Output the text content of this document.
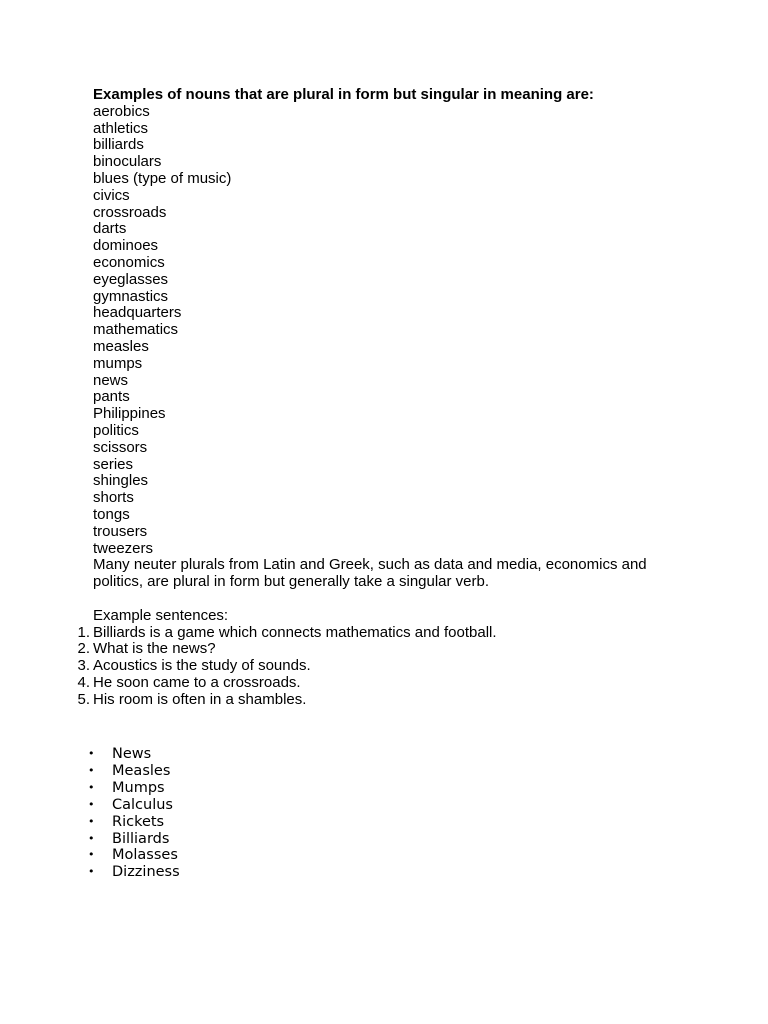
Examples of nouns that are plural in form but singular in meaning are:
aerobics
athletics
billiards
binoculars
blues (type of music)
civics
crossroads
darts
dominoes
economics
eyeglasses
gymnastics
headquarters
mathematics
measles
mumps
news
pants
Philippines
politics
scissors
series
shingles
shorts
tongs
trousers
tweezers

Many neuter plurals from Latin and Greek, such as data and media, economics and politics, are plural in form but generally take a singular verb.

Example sentences:
1. Billiards is a game which connects mathematics and football.
2. What is the news?
3. Acoustics is the study of sounds.
4. He soon came to a crossroads.
5. His room is often in a shambles.
• News
• Measles
• Mumps
• Calculus
• Rickets
• Billiards
• Molasses
• Dizziness
